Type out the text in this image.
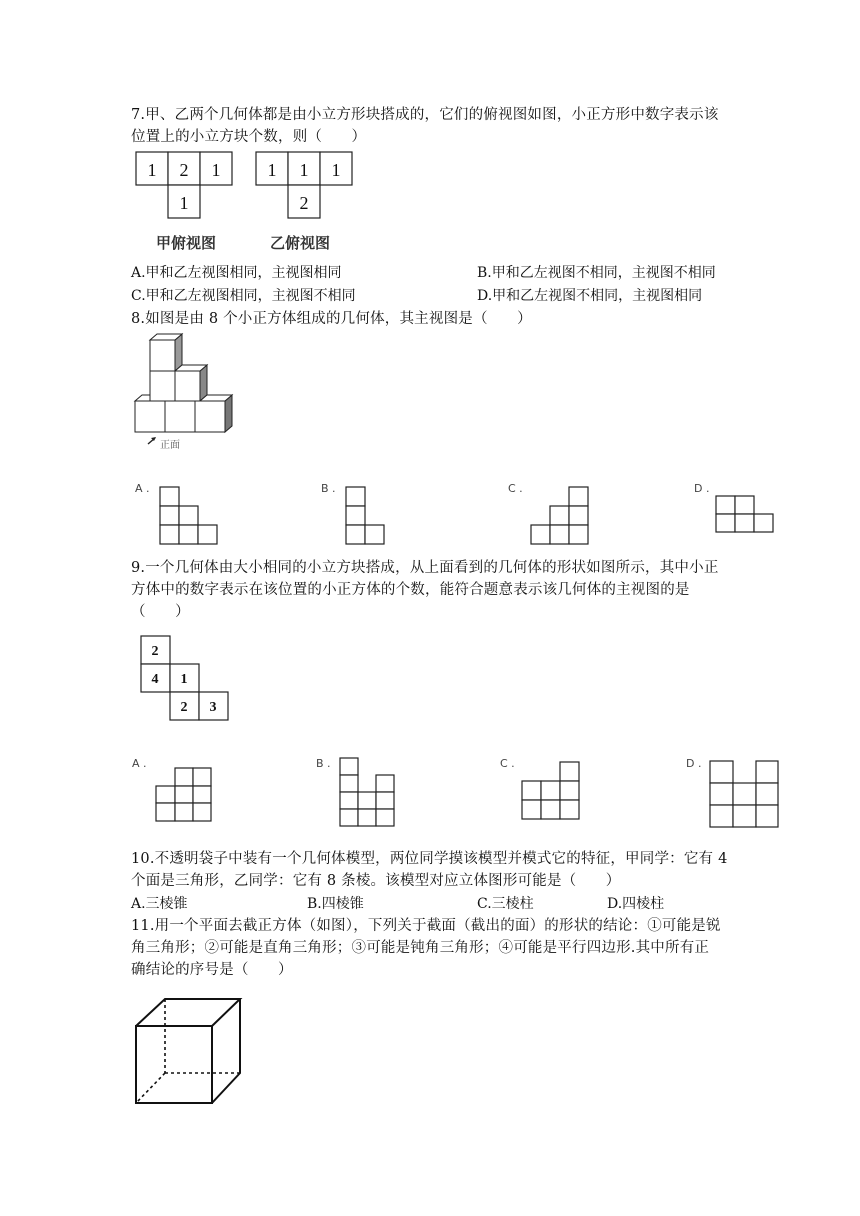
7.甲、乙两个几何体都是由小立方形块搭成的，它们的俯视图如图，小正方形中数字表示该
位置上的小立方块个数，则（　　）
1 2 1
1
甲俯视图
1 1 1
2
乙俯视图
A.甲和乙左视图相同，主视图相同	B.甲和乙左视图不相同，主视图不相同
C.甲和乙左视图相同，主视图不相同	D.甲和乙左视图不相同，主视图相同
8.如图是由 8 个小正方体组成的几何体，其主视图是（　　）
正面
A .	B .	C .	D .
9.一个几何体由大小相同的小立方块搭成，从上面看到的几何体的形状如图所示，其中小正
方体中的数字表示在该位置的小正方体的个数，能符合题意表示该几何体的主视图的是
（　　）
2
4 1
2 3
A .	B .	C .	D .
10.不透明袋子中装有一个几何体模型，两位同学摸该模型并模式它的特征，甲同学：它有 4
个面是三角形，乙同学：它有 8 条棱。该模型对应立体图形可能是（　　）
A.三棱锥	B.四棱锥	C.三棱柱	D.四棱柱
11.用一个平面去截正方体（如图），下列关于截面（截出的面）的形状的结论：①可能是锐
角三角形；②可能是直角三角形；③可能是钝角三角形；④可能是平行四边形.其中所有正
确结论的序号是（　　）
